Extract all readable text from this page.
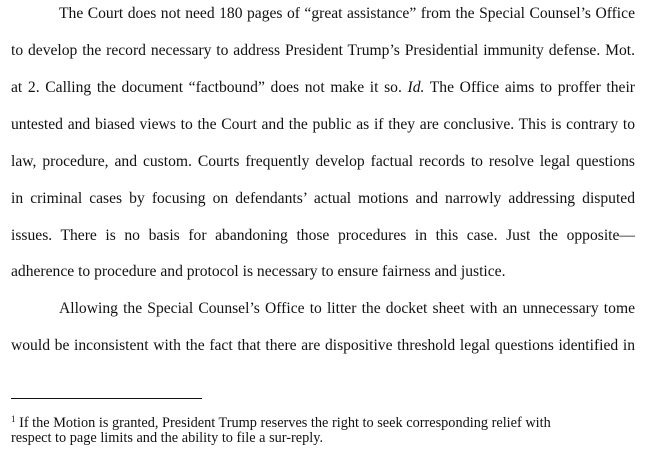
The Court does not need 180 pages of “great assistance” from the Special Counsel’s Office
to develop the record necessary to address President Trump’s Presidential immunity defense. Mot.
at 2. Calling the document “factbound” does not make it so. Id. The Office aims to proffer their
untested and biased views to the Court and the public as if they are conclusive. This is contrary to
law, procedure, and custom. Courts frequently develop factual records to resolve legal questions
in criminal cases by focusing on defendants’ actual motions and narrowly addressing disputed
issues. There is no basis for abandoning those procedures in this case. Just the opposite—
adherence to procedure and protocol is necessary to ensure fairness and justice.
Allowing the Special Counsel’s Office to litter the docket sheet with an unnecessary tome
would be inconsistent with the fact that there are dispositive threshold legal questions identified in
$^1$ If the Motion is granted, President Trump reserves the right to seek corresponding relief with
respect to page limits and the ability to file a sur-reply.
